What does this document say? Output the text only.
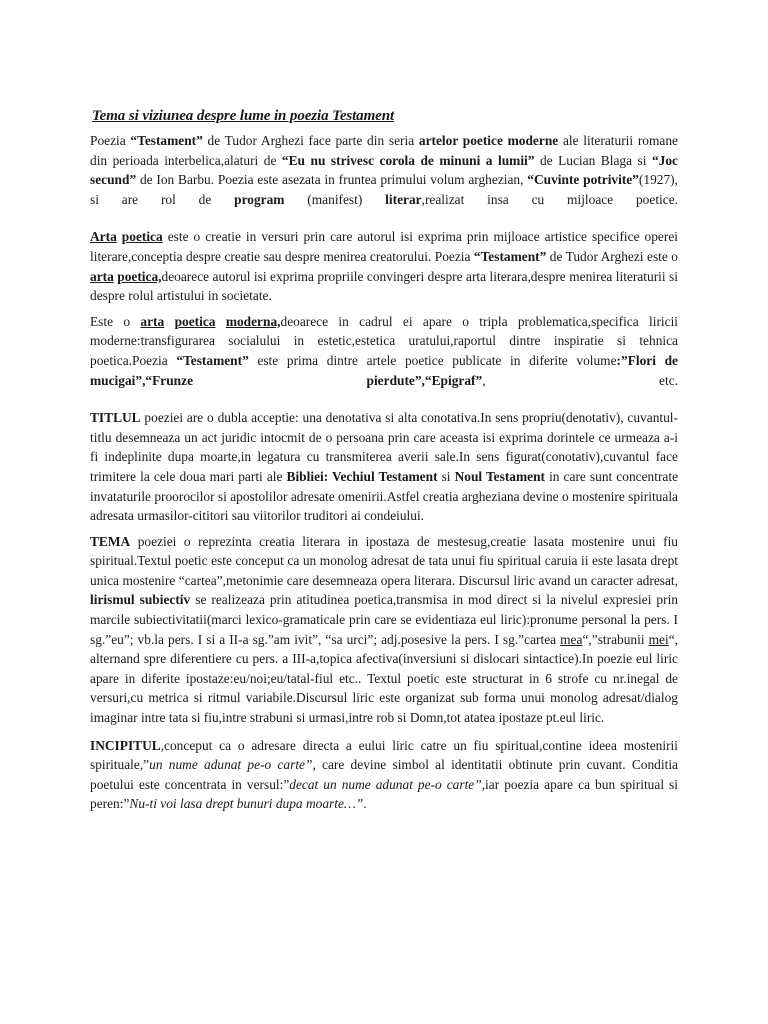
Tema si viziunea despre lume in poezia Testament

Poezia “Testament” de Tudor Arghezi face parte din seria artelor poetice moderne ale literaturii romane din perioada interbelica,alaturi de “Eu nu strivesc corola de minuni a lumii” de Lucian Blaga si “Joc secund” de Ion Barbu. Poezia este asezata in fruntea primului volum arghezian, “Cuvinte potrivite”(1927), si are rol de program (manifest) literar,realizat insa cu mijloace poetice.

Arta poetica este o creatie in versuri prin care autorul isi exprima prin mijloace artistice specifice operei literare,conceptia despre creatie sau despre menirea creatorului. Poezia “Testament” de Tudor Arghezi este o arta poetica,deoarece autorul isi exprima propriile convingeri despre arta literara,despre menirea literaturii si despre rolul artistului in societate.

Este o arta poetica moderna,deoarece in cadrul ei apare o tripla problematica,specifica liricii moderne:transfigurarea socialului in estetic,estetica uratului,raportul dintre inspiratie si tehnica poetica.Poezia “Testament” este prima dintre artele poetice publicate in diferite volume:”Flori de mucigai”,“Frunze pierdute”,“Epigraf”, etc.

TITLUL poeziei are o dubla acceptie: una denotativa si alta conotativa.In sens propriu(denotativ), cuvantul-titlu desemneaza un act juridic intocmit de o persoana prin care aceasta isi exprima dorintele ce urmeaza a-i fi indeplinite dupa moarte,in legatura cu transmiterea averii sale.In sens figurat(conotativ),cuvantul face trimitere la cele doua mari parti ale Bibliei: Vechiul Testament si Noul Testament in care sunt concentrate invataturile proorocilor si apostolilor adresate omenirii.Astfel creatia argheziana devine o mostenire spirituala adresata urmasilor-cititori sau viitorilor truditori ai condeiului.

TEMA poeziei o reprezinta creatia literara in ipostaza de mestesug,creatie lasata mostenire unui fiu spiritual.Textul poetic este conceput ca un monolog adresat de tata unui fiu spiritual caruia ii este lasata drept unica mostenire “cartea”,metonimie care desemneaza opera literara. Discursul liric avand un caracter adresat, lirismul subiectiv se realizeaza prin atitudinea poetica,transmisa in mod direct si la nivelul expresiei prin marcile subiectivitatii(marci lexico-gramaticale prin care se evidentiaza eul liric):pronume personal la pers. I sg.”eu”; vb.la pers. I si a II-a sg.”am ivit”, “sa urci”; adj.posesive la pers. I sg.”cartea mea“,”strabunii mei“, alternand spre diferentiere cu pers. a III-a,topica afectiva(inversiuni si dislocari sintactice).In poezie eul liric apare in diferite ipostaze:eu/noi;eu/tatal-fiul etc.. Textul poetic este structurat in 6 strofe cu nr.inegal de versuri,cu metrica si ritmul variabile.Discursul liric este organizat sub forma unui monolog adresat/dialog imaginar intre tata si fiu,intre strabuni si urmasi,intre rob si Domn,tot atatea ipostaze pt.eul liric.

INCIPITUL,conceput ca o adresare directa a eului liric catre un fiu spiritual,contine ideea mostenirii spirituale,”un nume adunat pe-o carte”, care devine simbol al identitatii obtinute prin cuvant. Conditia poetului este concentrata in versul:”decat un nume adunat pe-o carte”,iar poezia apare ca bun spiritual si peren:”Nu-ti voi lasa drept bunuri dupa moarte…”.
